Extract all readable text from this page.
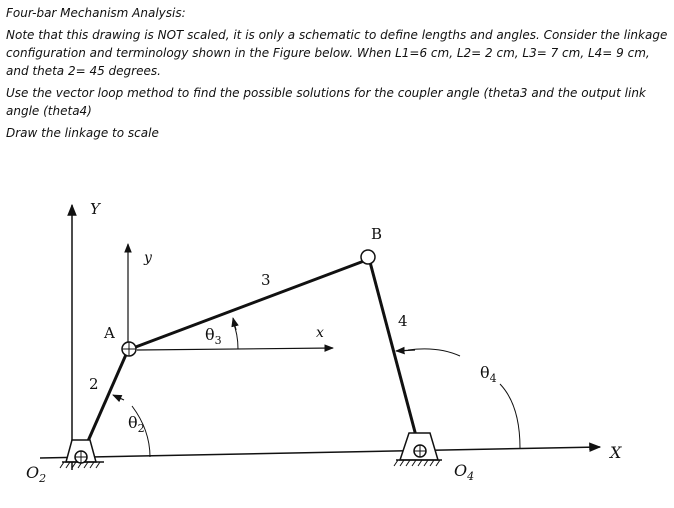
Four-bar Mechanism Analysis:

Note that this drawing is NOT scaled, it is only a schematic to define lengths and angles. Consider the linkage configuration and terminology shown in the Figure below. When L1=6 cm, L2= 2 cm, L3= 7 cm, L4= 9 cm, and theta 2= 45 degrees.

Use the vector loop method to find the possible solutions for the coupler angle (theta3 and the output link angle (theta4)

Draw the linkage to scale

Y
X
y
x
$O_2$	$O_4$
A
B
2
3
4
$\theta_2$
$\theta_3$
$\theta_4$
